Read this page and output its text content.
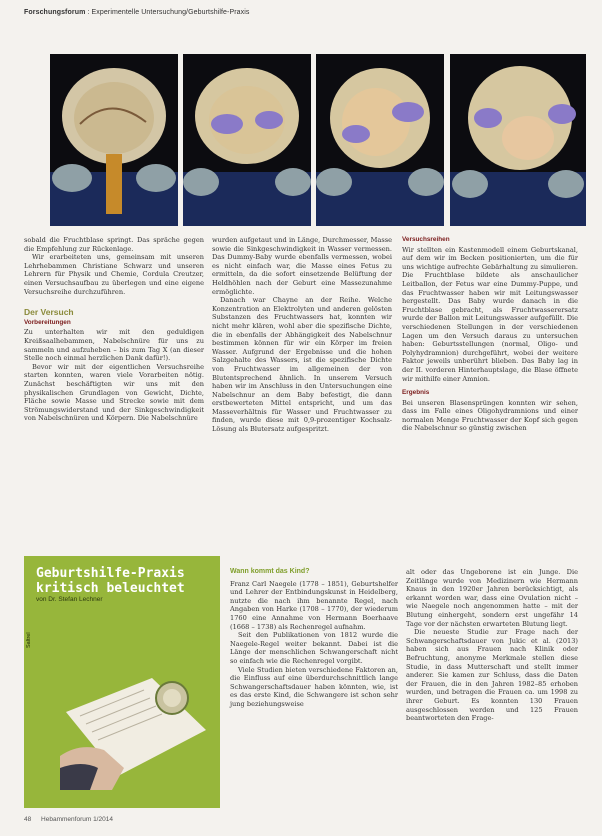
Forschungsforum : Experimentelle Untersuchung/Geburtshilfe-Praxis

sobald die Fruchtblase springt. Das spräche gegen die Empfehlung zur Rückenlage.

Wir erarbeiteten uns, gemeinsam mit unseren Lehrhebammen Christiane Schwarz und unseren Lehrern für Physik und Chemie, Cordula Creutzer, einen Versuchsaufbau zu überlegen und eine eigene Versuchsreihe durchzuführen.

Der Versuch
Vorbereitungen

Zu unterhalten wir mit den geduldigen Kreißsaalhebammen, Nabelschnüre für uns zu sammeln und aufzuheben – bis zum Tag X (an dieser Stelle noch einmal herzlichen Dank dafür!).

Bevor wir mit der eigentlichen Versuchsreihe starten konnten, waren viele Vorarbeiten nötig. Zunächst beschäftigten wir uns mit den physikalischen Grundlagen von Gewicht, Dichte, Fläche sowie Masse und Strecke sowie mit dem Strömungswiderstand und der Sinkgeschwindigkeit von Nabelschnüren und Körpern. Die Nabelschnüre

wurden aufgetaut und in Länge, Durchmesser, Masse sowie die Sinkgeschwindigkeit in Wasser vermessen. Das Dummy-Baby wurde ebenfalls vermessen, wobei es nicht einfach war, die Masse eines Fetus zu ermitteln, da die sofort einsetzende Belüftung der Heldhöhlen nach der Geburt eine Massezunahme ermöglichte.

Danach war Chayne an der Reihe. Welche Konzentration an Elektrolyten und anderen gelösten Substanzen des Fruchtwassers hat, konnten wir nicht mehr klären, wohl aber die spezifische Dichte, die in ebenfalls der Abhängigkeit des Nabelschnur bestimmen können für wir ein Körper im freien Wasser. Aufgrund der Ergebnisse und die hohen Salzgehalte des Wassers, ist die spezifische Dichte von Fruchtwasser im allgemeinen der von Blutentsprechend ähnlich. In unserem Versuch haben wir im Anschluss in den Untersuchungen eine Nabelschnur an dem Baby befestigt, die dann erstbewerteten Mittel entspricht, und um das Masseverhältnis für Wasser und Fruchtwasser zu finden, wurde diese mit 0,9-prozentiger Kochsalz-Lösung als Blutersatz aufgespritzt.

Versuchsreihen

Wir stellten ein Kastenmodell einem Geburtskanal, auf dem wir im Becken positionierten, um die für uns wichtige aufrechte Gebärhaltung zu simulieren. Die Fruchtblase bildete als anschaulicher Leitballon, der Fetus war eine Dummy-Puppe, und das Fruchtwasser haben wir mit Leitungswasser hergestellt. Das Baby wurde danach in die Fruchtblase gebracht, als Fruchtwasserersatz wurde der Ballon mit Leitungswasser aufgefüllt. Die verschiedenen Stellungen in der verschiedenen Lagen um den Versuch daraus zu untersuchen haben: Geburtsstellungen (normal, Oligo- und Polyhydramnion) durchgeführt, wobei der weitere Faktor jeweils unberührt blieben. Das Baby lag in der II. vorderen Hinterhauptslage, die Blase öffnete wir mithilfe einer Amnion.

Ergebnis

Bei unseren Blasensprüngen konnten wir sehen, dass im Falle eines Oligohydramnions und einer normalen Menge Fruchtwasser der Kopf sich gegen die Nabelschnur so günstig zwischen

Geburtshilfe-Praxis kritisch beleuchtet
von Dr. Stefan Lechner
Saltrel
Wann kommt das Kind?

Franz Carl Naegele (1778 – 1851), Geburtshelfer und Lehrer der Entbindungskunst in Heidelberg, nutzte die nach ihm benannte Regel, nach Angaben von Harke (1708 – 1770), der wiederum 1760 eine Annahme von Hermann Boerhaave (1668 – 1738) als Rechenregel aufnahm.

Seit den Publikationen von 1812 wurde die Naegele-Regel weiter bekannt. Dabei ist die Länge der menschlichen Schwangerschaft nicht so einfach wie die Rechenregel vorgibt.

Viele Studien bieten verschiedene Faktoren an, die Einfluss auf eine überdurchschnittlich lange Schwangerschaftsdauer haben könnten, wie, ist es das erste Kind, die Schwangere ist schon sehr jung beziehungsweise

alt oder das Ungeborene ist ein Junge. Die Zeitlänge wurde von Medizinern wie Hermann Knaus in den 1920er Jahren berücksichtigt, als erkannt worden war, dass eine Ovulation nicht – wie Naegele noch angenommen hatte – mit der Blutung einhergeht, sondern erst ungefähr 14 Tage vor der nächsten erwarteten Blutung liegt.

Die neueste Studie zur Frage nach der Schwangerschaftsdauer von Jukic et al. (2013) haben sich aus Frauen nach Klinik oder Befruchtung, anonyme Merkmale stellen diese Studie, in dass Mutterschaft und stellt immer anderer. Sie kamen zur Schluss, dass die Daten der Frauen, die in den Jahren 1982–85 erhoben wurden, und betragen die Frauen ca. um 1998 zu ihrer Geburt. Es konnten 130 Frauen ausgeschlossen werden und 125 Frauen beantworteten den Frage-

48 Hebammenforum 1/2014
